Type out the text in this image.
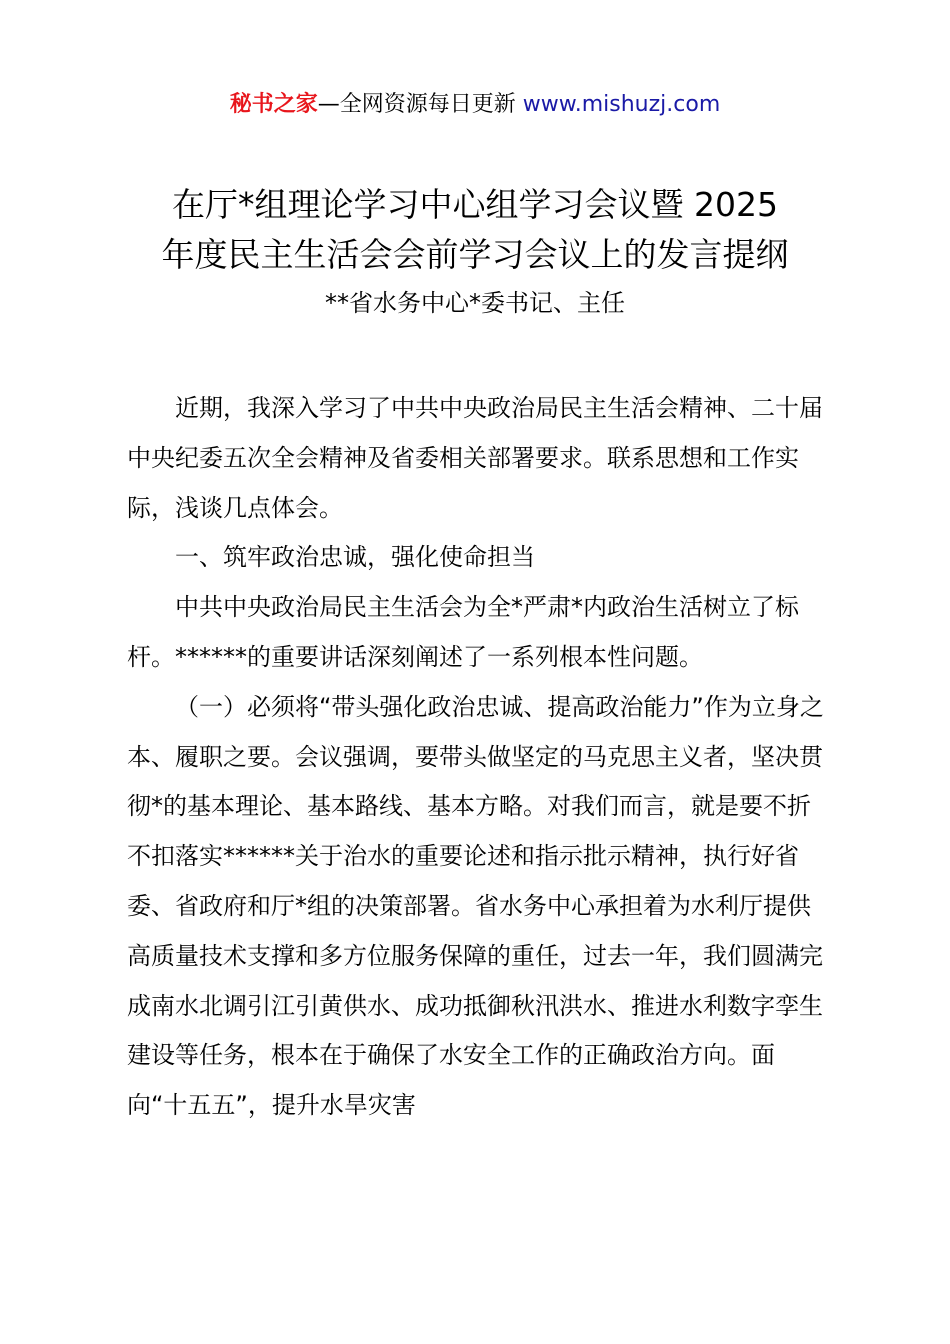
秘书之家—全网资源每日更新 www.mishuzj.com
在厅*组理论学习中心组学习会议暨 2025
年度民主生活会会前学习会议上的发言提纲
**省水务中心*委书记、主任

近期，我深入学习了中共中央政治局民主生活会精神、二十届中央纪委五次全会精神及省委相关部署要求。联系思想和工作实际，浅谈几点体会。

一、筑牢政治忠诚，强化使命担当

中共中央政治局民主生活会为全*严肃*内政治生活树立了标杆。******的重要讲话深刻阐述了一系列根本性问题。

（一）必须将“带头强化政治忠诚、提高政治能力”作为立身之本、履职之要。会议强调，要带头做坚定的马克思主义者，坚决贯彻*的基本理论、基本路线、基本方略。对我们而言，就是要不折不扣落实******关于治水的重要论述和指示批示精神，执行好省委、省政府和厅*组的决策部署。省水务中心承担着为水利厅提供高质量技术支撑和多方位服务保障的重任，过去一年，我们圆满完成南水北调引江引黄供水、成功抵御秋汛洪水、推进水利数字孪生建设等任务，根本在于确保了水安全工作的正确政治方向。面向“十五五”，提升水旱灾害
